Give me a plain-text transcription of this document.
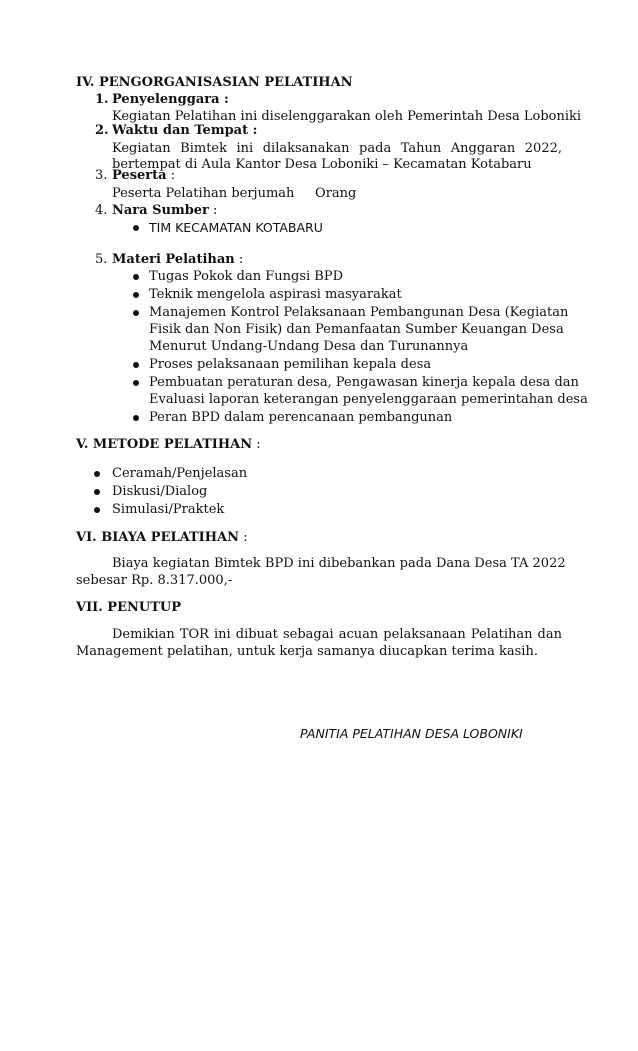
IV. PENGORGANISASIAN PELATIHAN
1. Penyelenggara :
Kegiatan Pelatihan ini diselenggarakan oleh Pemerintah Desa Loboniki
2. Waktu dan Tempat :
Kegiatan Bimtek ini dilaksanakan pada Tahun Anggaran 2022,
bertempat di Aula Kantor Desa Loboniki – Kecamatan Kotabaru
3. Peserta :
Peserta Pelatihan berjumah     Orang
4. Nara Sumber :
TIM KECAMATAN KOTABARU
5. Materi Pelatihan :
Tugas Pokok dan Fungsi BPD
Teknik mengelola aspirasi masyarakat
Manajemen Kontrol Pelaksanaan Pembangunan Desa (Kegiatan
Fisik dan Non Fisik) dan Pemanfaatan Sumber Keuangan Desa
Menurut Undang-Undang Desa dan Turunannya
Proses pelaksanaan pemilihan kepala desa
Pembuatan peraturan desa, Pengawasan kinerja kepala desa dan
Evaluasi laporan keterangan penyelenggaraan pemerintahan desa
Peran BPD dalam perencanaan pembangunan
V. METODE PELATIHAN :
Ceramah/Penjelasan
Diskusi/Dialog
Simulasi/Praktek
VI. BIAYA PELATIHAN :
Biaya kegiatan Bimtek BPD ini dibebankan pada Dana Desa TA 2022
sebesar Rp. 8.317.000,-
VII. PENUTUP
Demikian TOR ini dibuat sebagai acuan pelaksanaan Pelatihan dan
Management pelatihan, untuk kerja samanya diucapkan terima kasih.
PANITIA PELATIHAN DESA LOBONIKI
